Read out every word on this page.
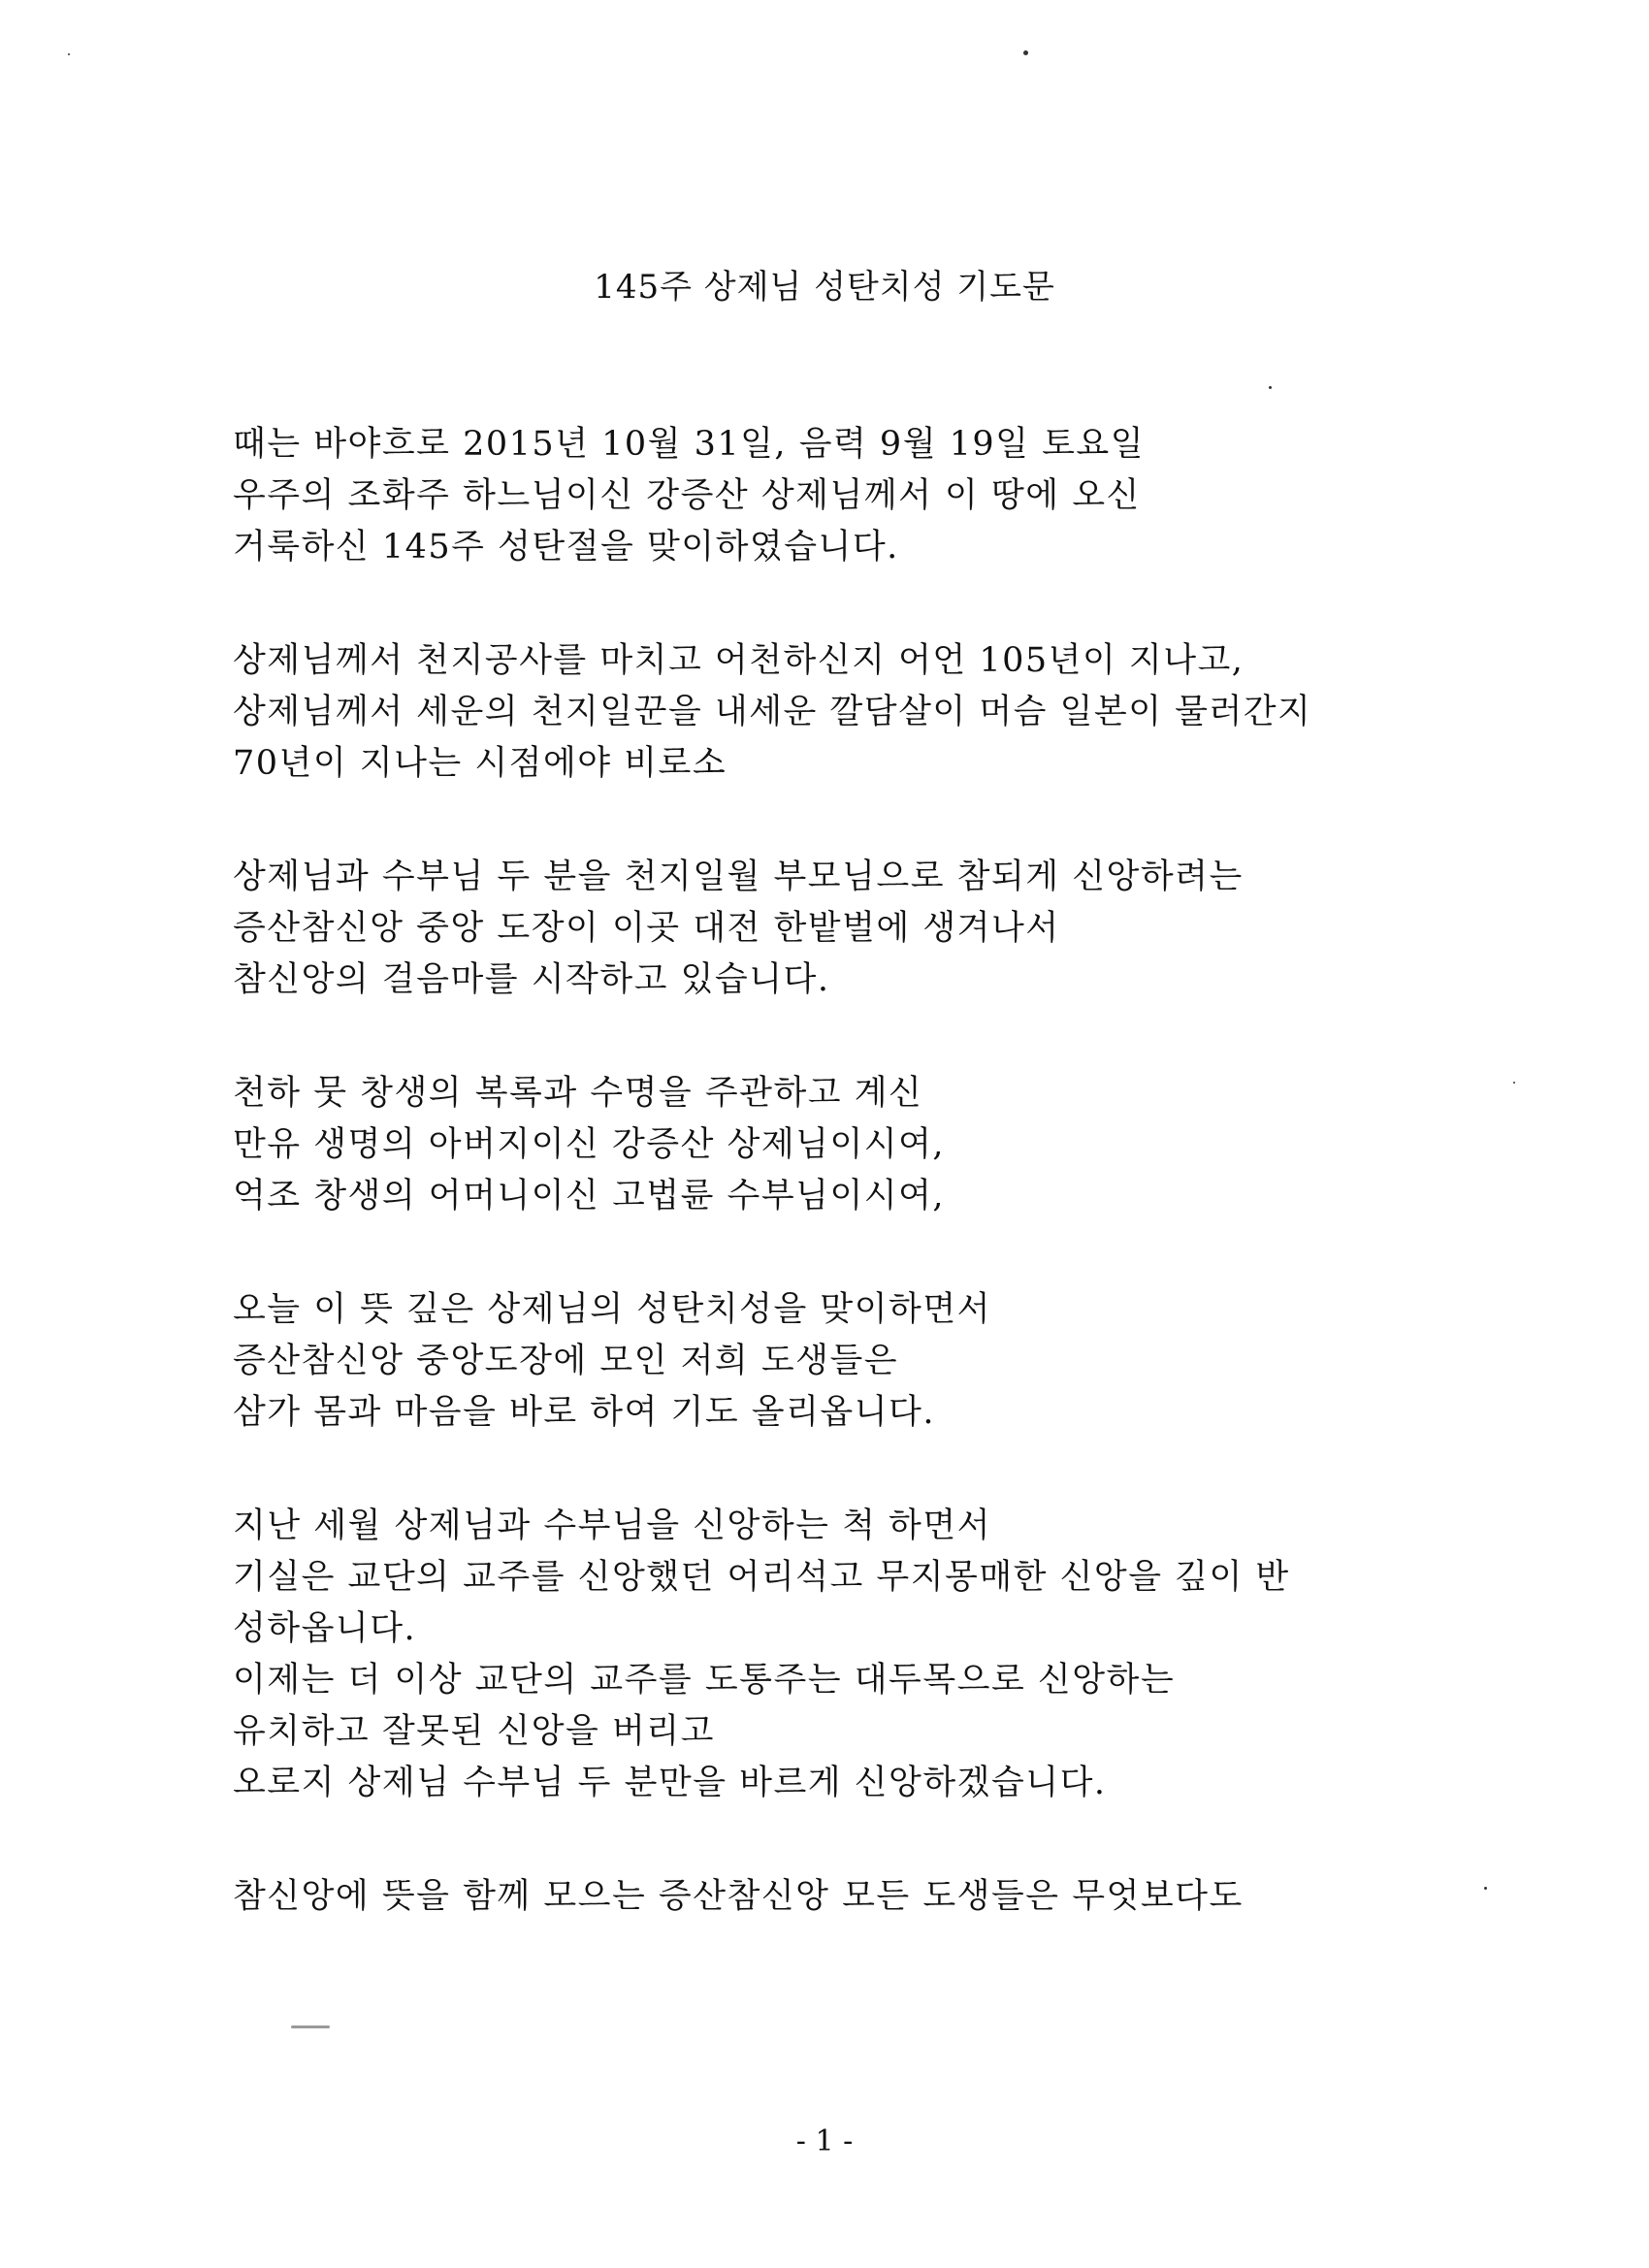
145주 상제님 성탄치성 기도문
때는 바야흐로 2015년 10월 31일, 음력 9월 19일 토요일
우주의 조화주 하느님이신 강증산 상제님께서 이 땅에 오신
거룩하신 145주 성탄절을 맞이하였습니다.
상제님께서 천지공사를 마치고 어천하신지 어언 105년이 지나고,
상제님께서 세운의 천지일꾼을 내세운 깔담살이 머슴 일본이 물러간지
70년이 지나는 시점에야 비로소
상제님과 수부님 두 분을 천지일월 부모님으로 참되게 신앙하려는
증산참신앙 중앙 도장이 이곳 대전 한밭벌에 생겨나서
참신앙의 걸음마를 시작하고 있습니다.
천하 뭇 창생의 복록과 수명을 주관하고 계신
만유 생명의 아버지이신 강증산 상제님이시여,
억조 창생의 어머니이신 고법륜 수부님이시여,
오늘 이 뜻 깊은 상제님의 성탄치성을 맞이하면서
증산참신앙 중앙도장에 모인 저희 도생들은
삼가 몸과 마음을 바로 하여 기도 올리옵니다.
지난 세월 상제님과 수부님을 신앙하는 척 하면서
기실은 교단의 교주를 신앙했던 어리석고 무지몽매한 신앙을 깊이 반
성하옵니다.
이제는 더 이상 교단의 교주를 도통주는 대두목으로 신앙하는
유치하고 잘못된 신앙을 버리고
오로지 상제님 수부님 두 분만을 바르게 신앙하겠습니다.
참신앙에 뜻을 함께 모으는 증산참신앙 모든 도생들은 무엇보다도
- 1 -
